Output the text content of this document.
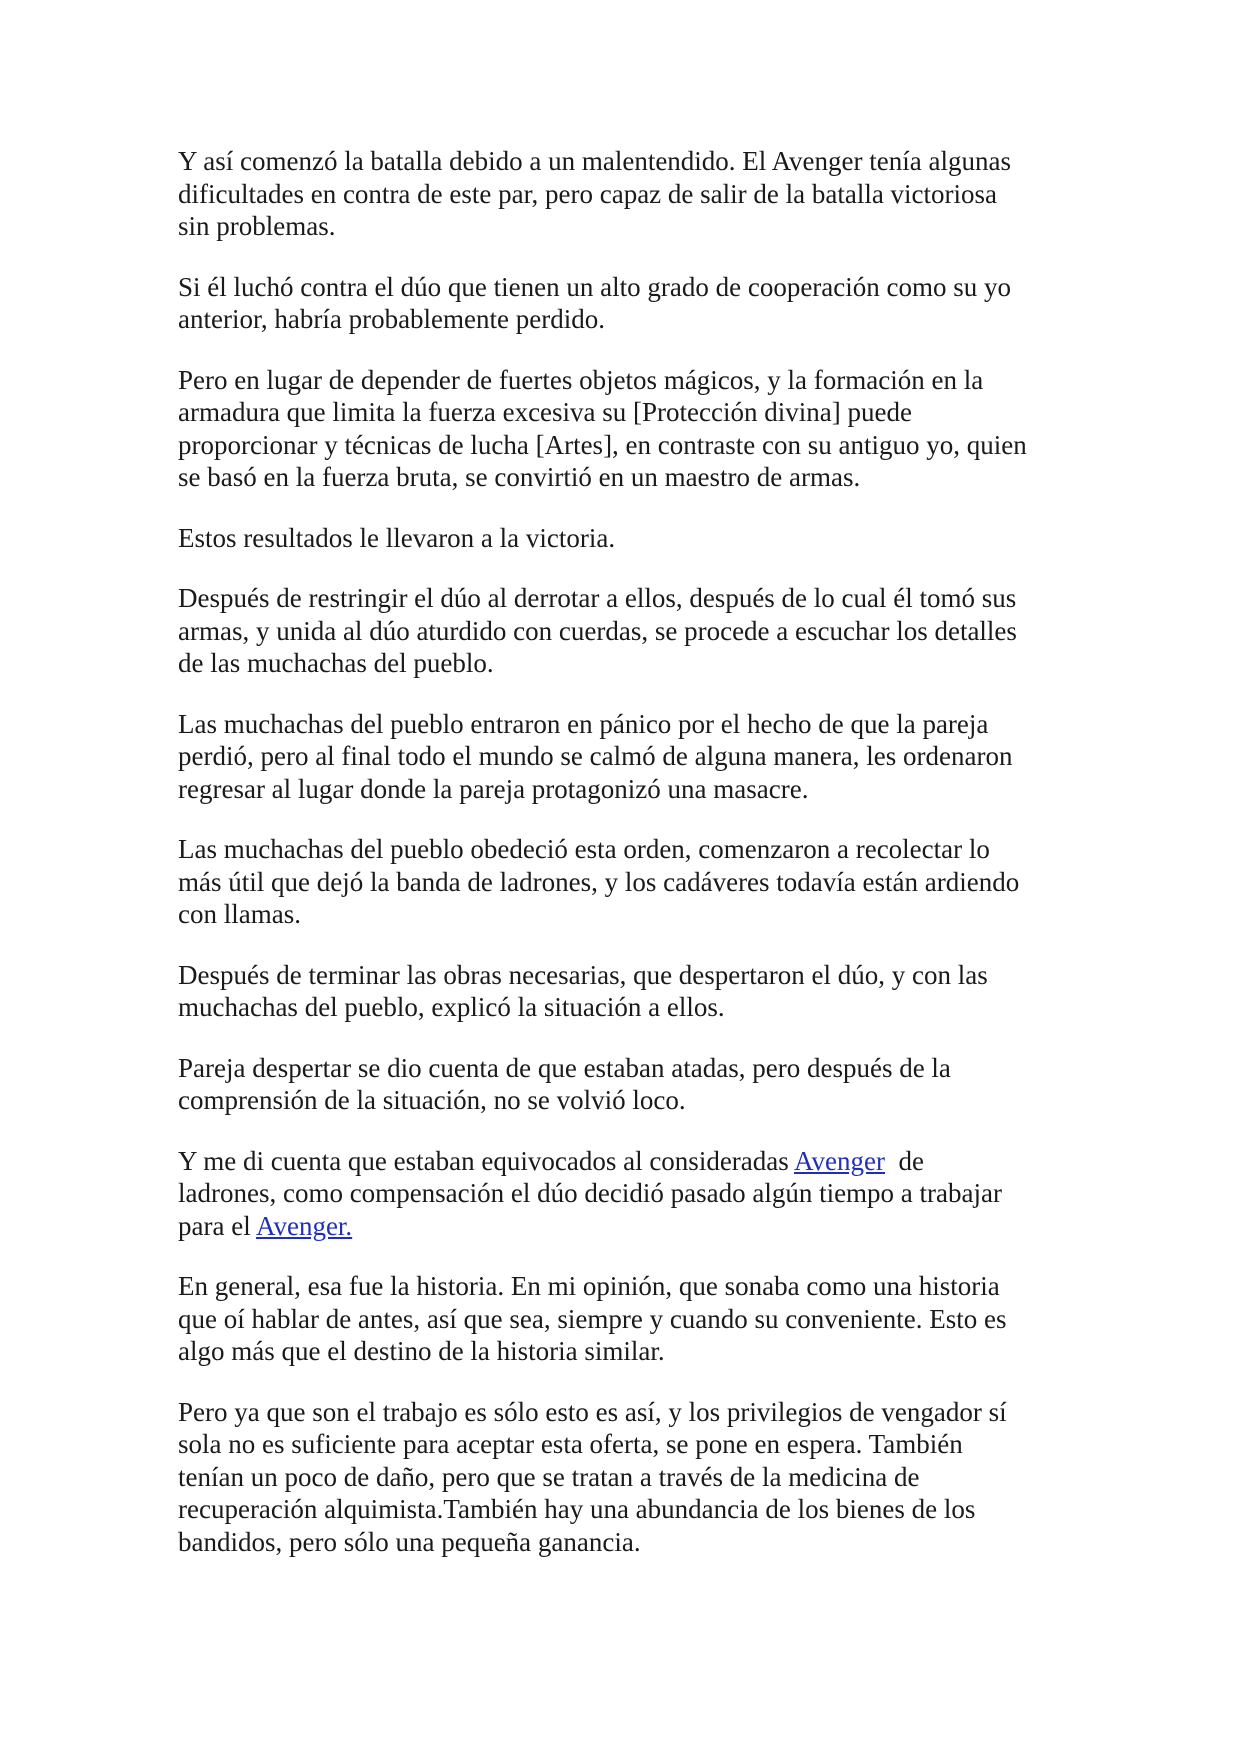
Y así comenzó la batalla debido a un malentendido. El Avenger tenía algunas
dificultades en contra de este par, pero capaz de salir de la batalla victoriosa
sin problemas.

Si él luchó contra el dúo que tienen un alto grado de cooperación como su yo
anterior, habría probablemente perdido.

Pero en lugar de depender de fuertes objetos mágicos, y la formación en la
armadura que limita la fuerza excesiva su [Protección divina] puede
proporcionar y técnicas de lucha [Artes], en contraste con su antiguo yo, quien
se basó en la fuerza bruta, se convirtió en un maestro de armas.

Estos resultados le llevaron a la victoria.

Después de restringir el dúo al derrotar a ellos, después de lo cual él tomó sus
armas, y unida al dúo aturdido con cuerdas, se procede a escuchar los detalles
de las muchachas del pueblo.

Las muchachas del pueblo entraron en pánico por el hecho de que la pareja
perdió, pero al final todo el mundo se calmó de alguna manera, les ordenaron
regresar al lugar donde la pareja protagonizó una masacre.

Las muchachas del pueblo obedeció esta orden, comenzaron a recolectar lo
más útil que dejó la banda de ladrones, y los cadáveres todavía están ardiendo
con llamas.

Después de terminar las obras necesarias, que despertaron el dúo, y con las
muchachas del pueblo, explicó la situación a ellos.

Pareja despertar se dio cuenta de que estaban atadas, pero después de la
comprensión de la situación, no se volvió loco.

Y me di cuenta que estaban equivocados al consideradas Avenger  de
ladrones, como compensación el dúo decidió pasado algún tiempo a trabajar
para el Avenger.

En general, esa fue la historia. En mi opinión, que sonaba como una historia
que oí hablar de antes, así que sea, siempre y cuando su conveniente. Esto es
algo más que el destino de la historia similar.

Pero ya que son el trabajo es sólo esto es así, y los privilegios de vengador sí
sola no es suficiente para aceptar esta oferta, se pone en espera. También
tenían un poco de daño, pero que se tratan a través de la medicina de
recuperación alquimista.También hay una abundancia de los bienes de los
bandidos, pero sólo una pequeña ganancia.
